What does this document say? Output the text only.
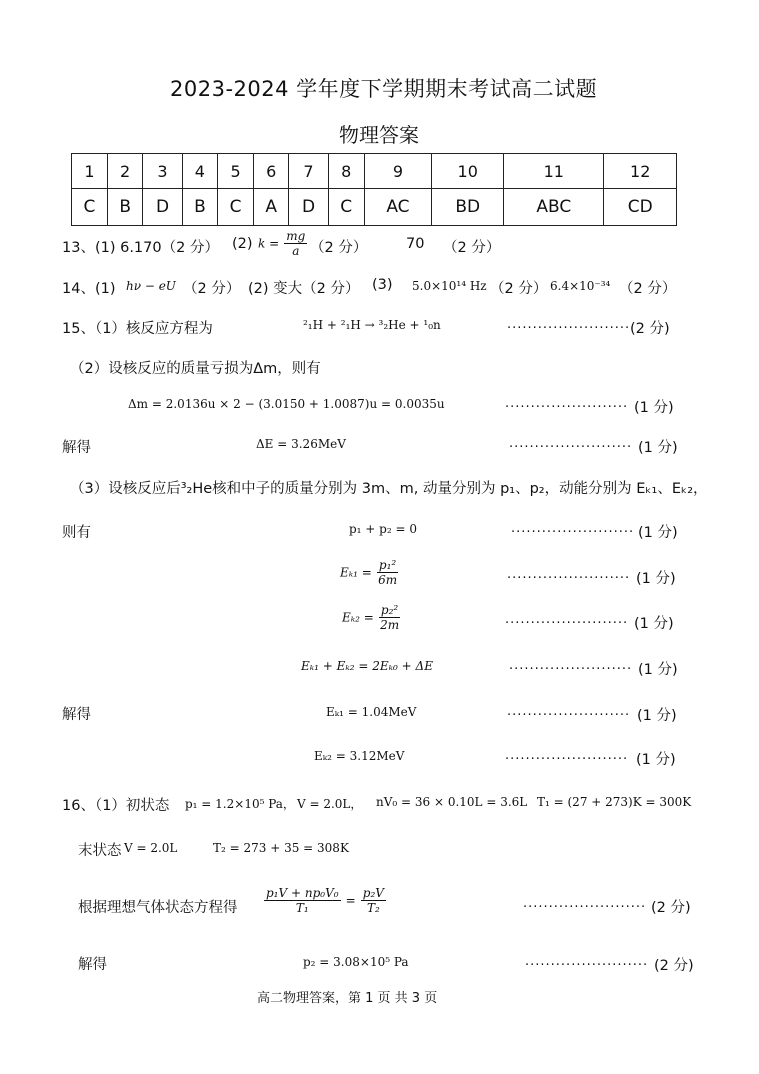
2023-2024 学年度下学期期末考试高二试题
物理答案
1	2	3	4	5	6	7	8	9	10	11	12
C	B	D	B	C	A	D	C	AC	BD	ABC	CD
13、(1) 6.170（2 分） (2) $k = \frac{mg}{a} (2$ 分）	70 （2 分）
14、(1) hν − eU （2 分） (2) 变大（2 分） (3) 5.0×10¹⁴ Hz （2 分） 6.4×10⁻³⁴ （2 分）
15、（1）核反应方程为	²₁H + ²₁H → ³₂He + ¹₀n	........................ (2 分)
（2）设核反应的质量亏损为Δm，则有
Δm = 2.0136u × 2 − (3.0150 + 1.0087)u = 0.0035u	........................ (1 分)
解得	ΔE = 3.26MeV	........................ (1 分)
（3）设核反应后³₂He核和中子的质量分别为 3m、m, 动量分别为 p₁、p₂，动能分别为 Eₖ₁、Eₖ₂，
则有	p₁ + p₂ = 0	........................ (1 分)
$E_{k1} = \frac{\text{p₁²}}{6m}$	........................ (1 分)
$E_{k2} = \frac{\text{p₂²}}{2m}$	........................ (1 分)
Eₖ₁ + Eₖ₂ = 2Eₖ₀ + ΔE	........................ (1 分)
解得	Eₖ₁ = 1.04MeV	........................ (1 分)
Eₖ₂ = 3.12MeV	........................ (1 分)
16、（1）初状态 p₁ = 1.2×10⁵ Pa， V = 2.0L， nV₀ = 36 × 0.10L = 3.6L T₁ = (27 + 273)K = 300K
末状态 V = 2.0L	T₂ = 273 + 35 = 308K
根据理想气体状态方程得 $\frac{\text{p₁V + np₀V₀}}{\text{T₁}} = \frac{\text{p₂V}}{\text{T₂}}$	........................ (2 分)
解得	p₂ = 3.08×10⁵ Pa	........................ (2 分)
高二物理答案，第 1 页 共 3 页
